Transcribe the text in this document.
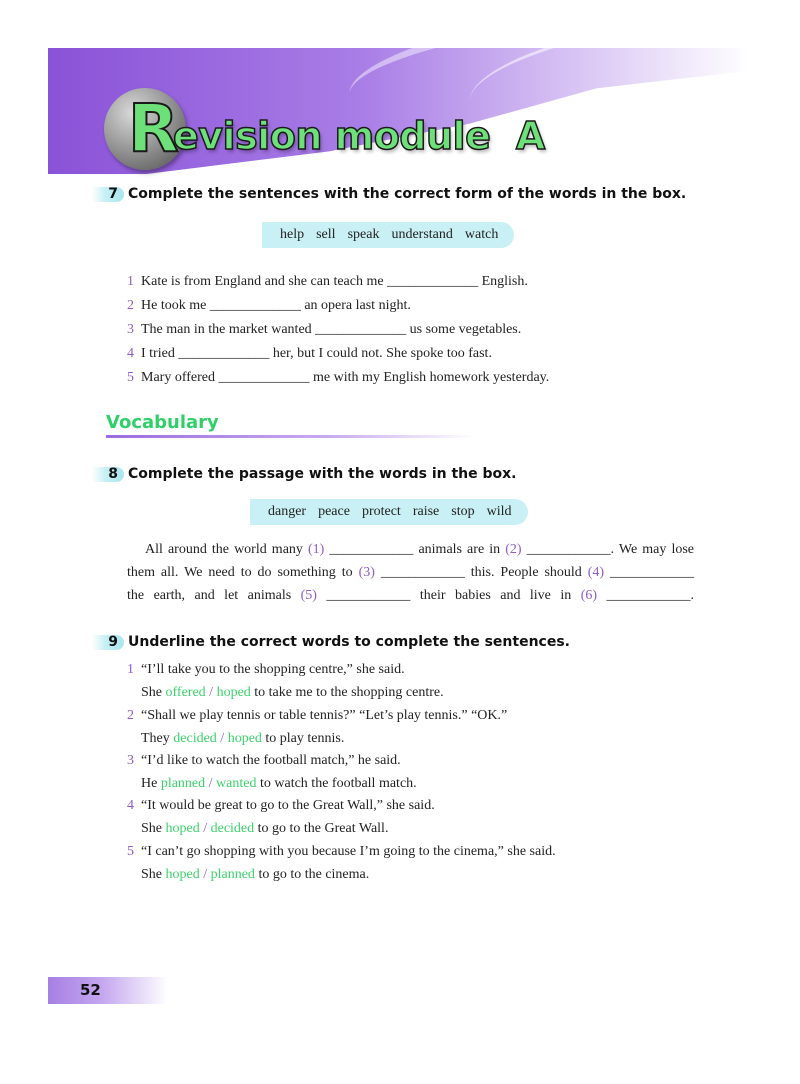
R
evision module  A
7 Complete the sentences with the correct form of the words in the box.
help sell speak understand watch
1 Kate is from England and she can teach me _____________ English.
2 He took me _____________ an opera last night.
3 The man in the market wanted _____________ us some vegetables.
4 I tried _____________ her, but I could not. She spoke too fast.
5 Mary offered _____________ me with my English homework yesterday.
Vocabulary
8 Complete the passage with the words in the box.
danger peace protect raise stop wild
All around the world many (1) ____________ animals are in (2) ____________. We may lose
them all. We need to do something to (3) ____________ this. People should (4) ____________
the earth, and let animals (5) ____________ their babies and live in (6) ____________.
9 Underline the correct words to complete the sentences.
1 “I’ll take you to the shopping centre,” she said.
She offered / hoped to take me to the shopping centre.
2 “Shall we play tennis or table tennis?” “Let’s play tennis.” “OK.”
They decided / hoped to play tennis.
3 “I’d like to watch the football match,” he said.
He planned / wanted to watch the football match.
4 “It would be great to go to the Great Wall,” she said.
She hoped / decided to go to the Great Wall.
5 “I can’t go shopping with you because I’m going to the cinema,” she said.
She hoped / planned to go to the cinema.
52
